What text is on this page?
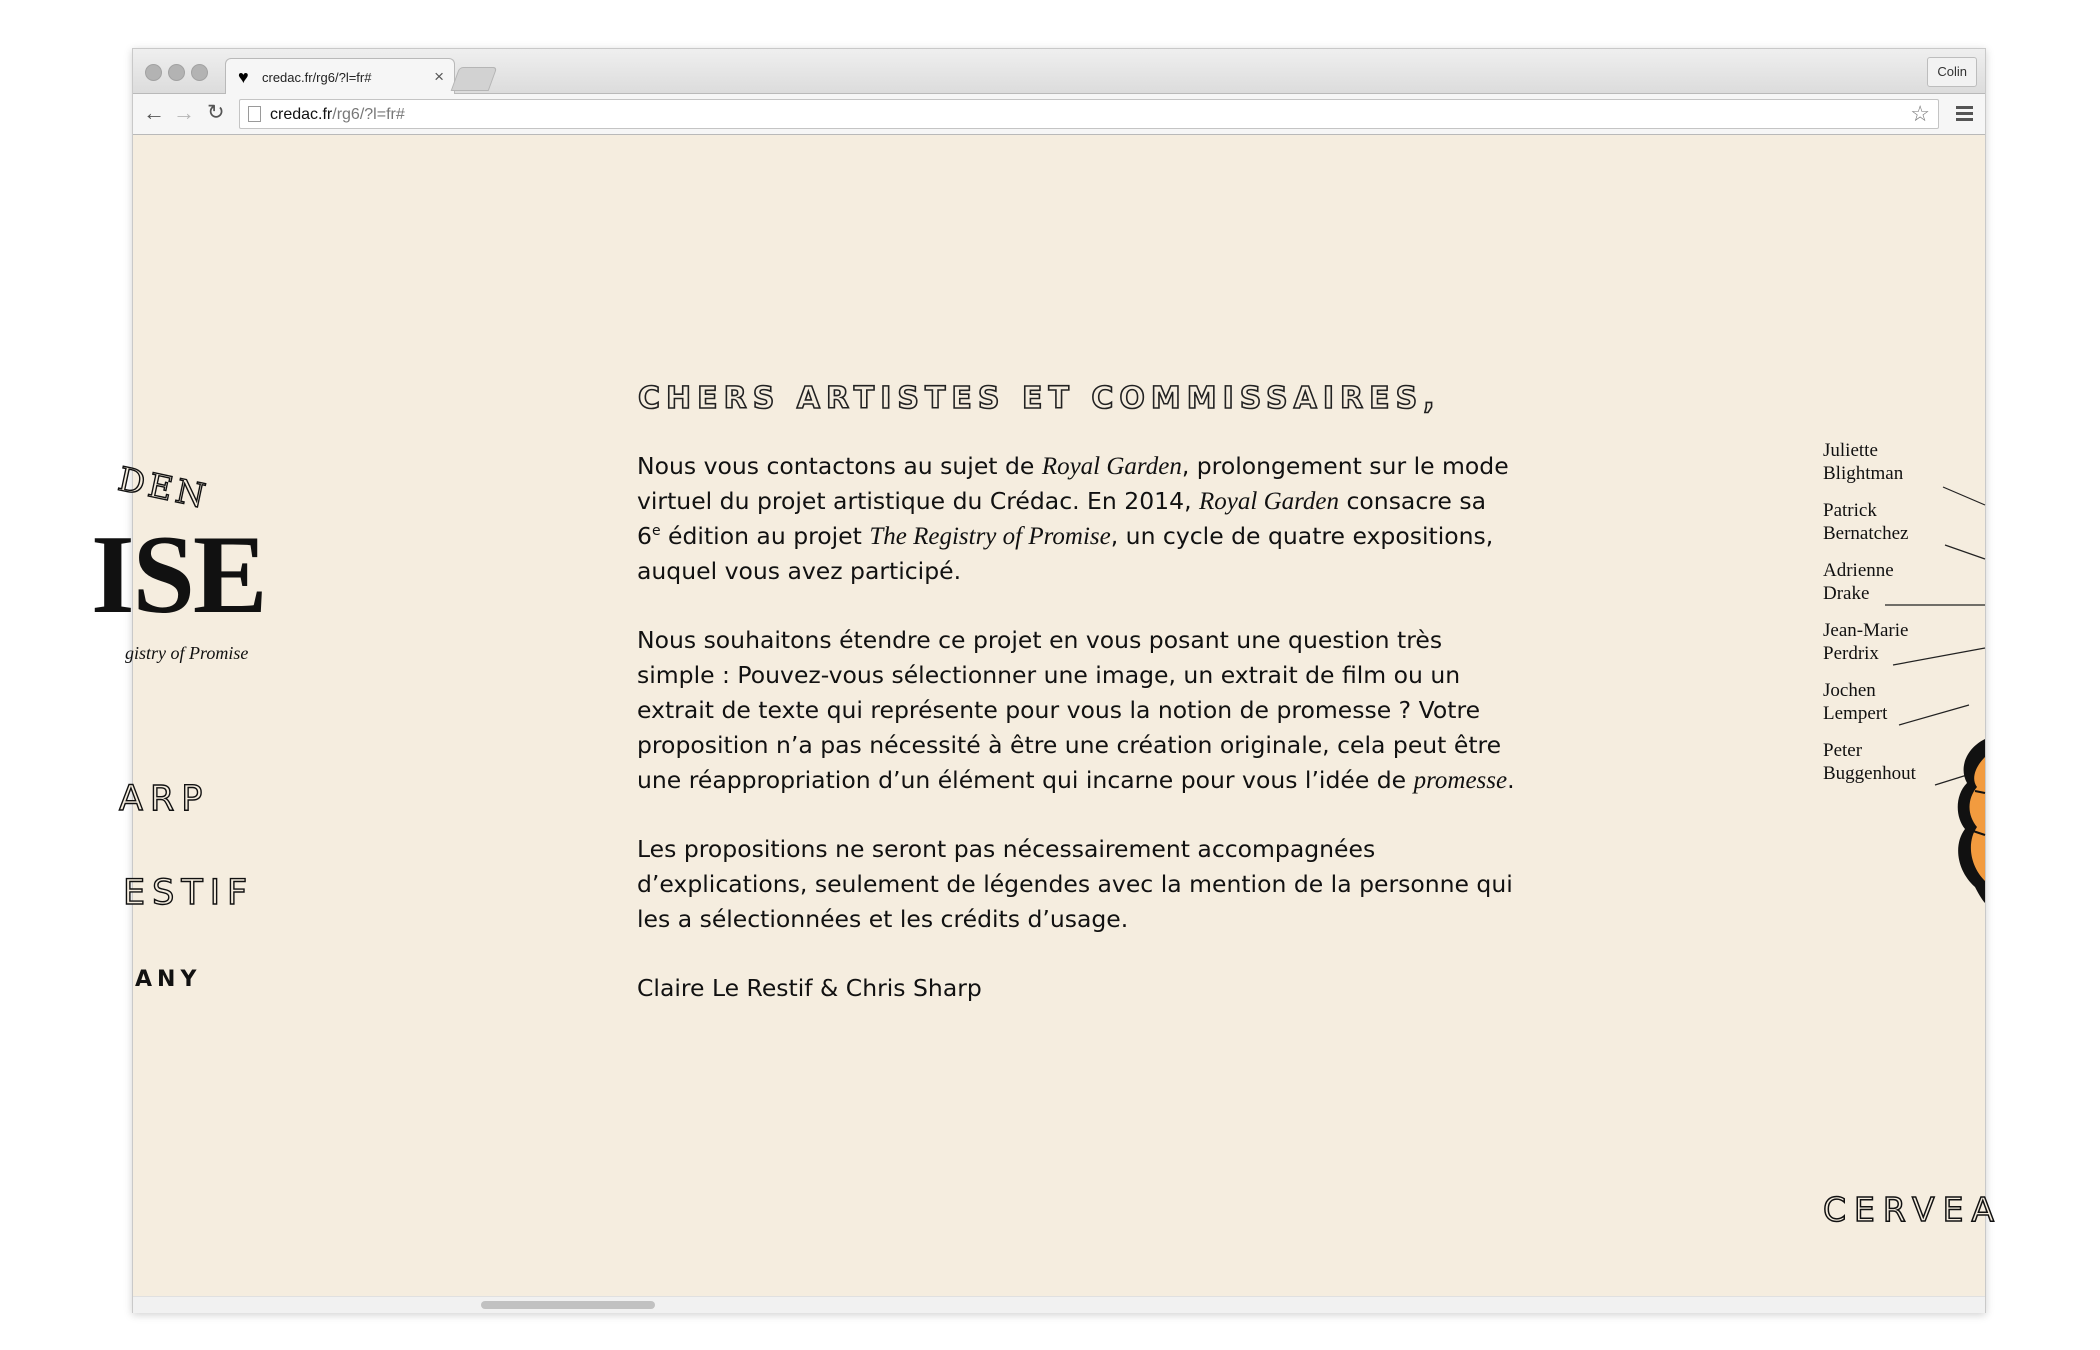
♥ credac.fr/rg6/?l=fr#	×	Colin
← → ↻	credac.fr/rg6/?l=fr#	☆
DEN
ISE
gistry of Promise
ARP
ESTIF
ANY
CHERS ARTISTES ET COMMISSAIRES,

Nous vous contactons au sujet de Royal Garden, prolongement sur le mode virtuel du projet artistique du Crédac. En 2014, Royal Garden consacre sa 6e édition au projet The Registry of Promise, un cycle de quatre expositions, auquel vous avez participé.

Nous souhaitons étendre ce projet en vous posant une question très simple : Pouvez-vous sélectionner une image, un extrait de film ou un extrait de texte qui représente pour vous la notion de promesse ? Votre proposition n’a pas nécessité à être une création originale, cela peut être une réappropriation d’un élément qui incarne pour vous l’idée de promesse.

Les propositions ne seront pas nécessairement accompagnées d’explications, seulement de légendes avec la mention de la personne qui les a sélectionnées et les crédits d’usage.

Claire Le Restif & Chris Sharp

Juliette
Blightman
Patrick
Bernatchez
Adrienne
Drake
Jean-Marie
Perdrix
Jochen
Lempert
Peter
Buggenhout
CERVEA
